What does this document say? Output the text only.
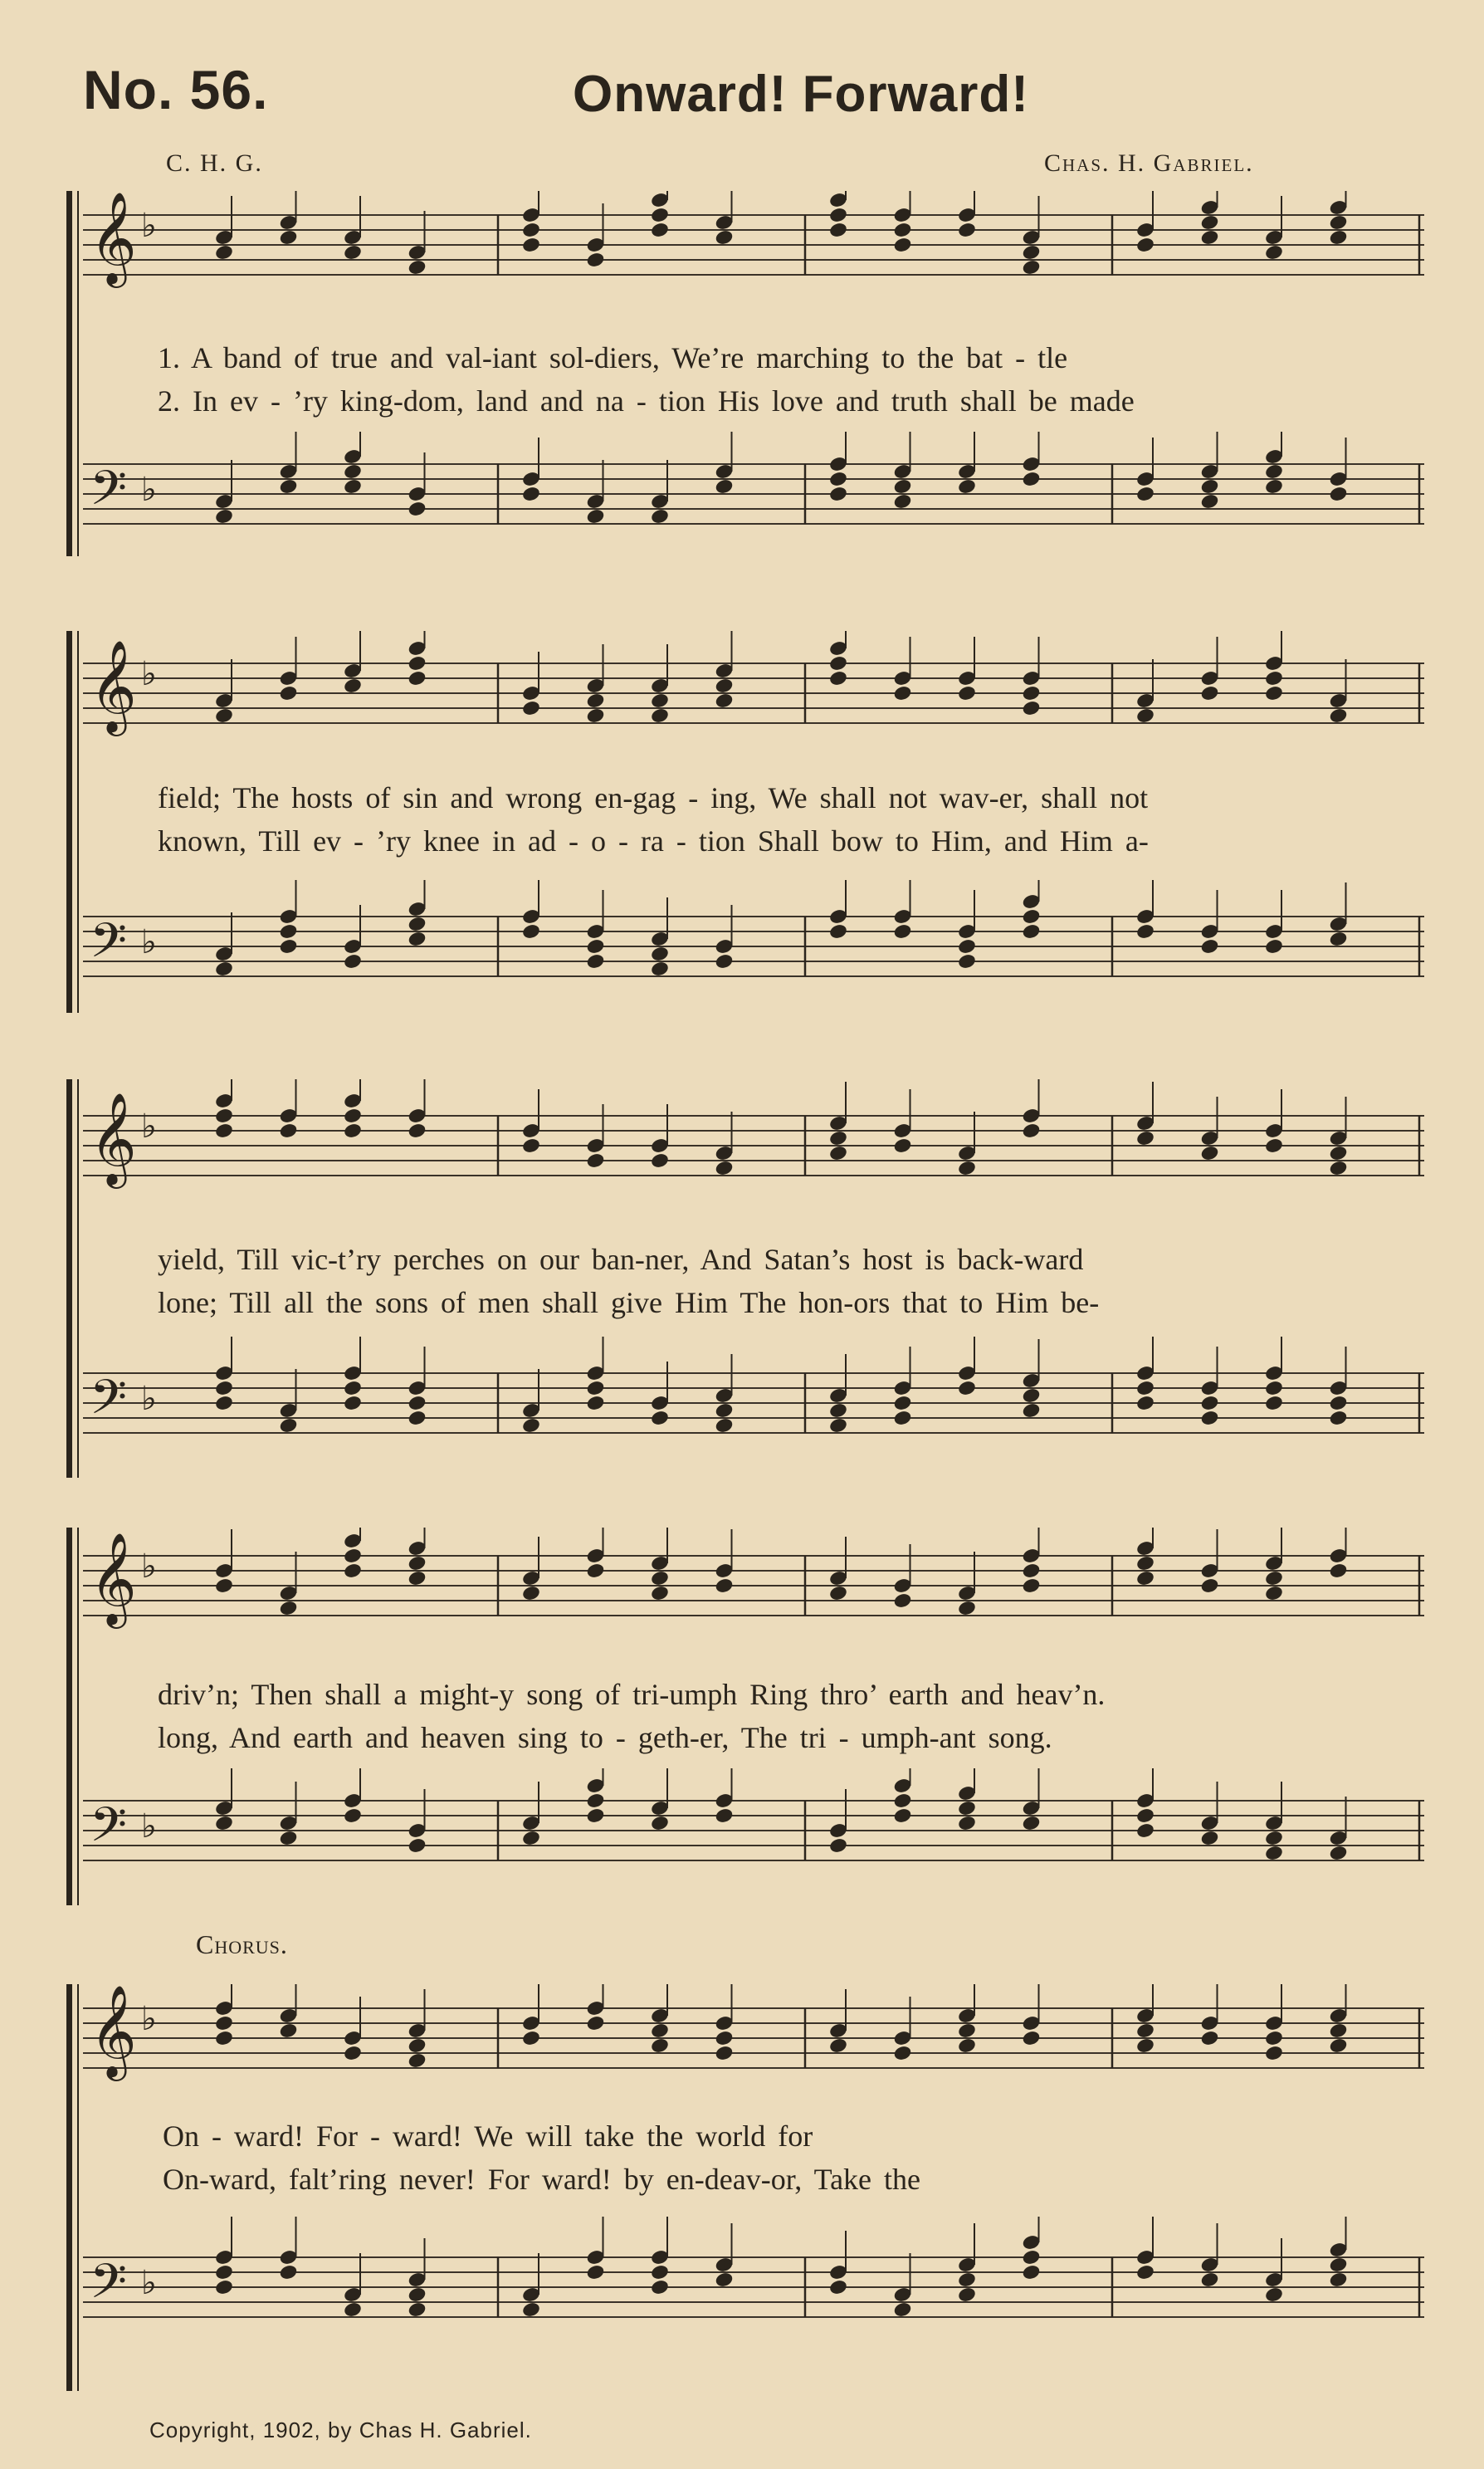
No. 56.	Onward! Forward!
C. H. G.	Chas. H. Gabriel.
𝄞 ♭
1. A band of true and val-iant sol-diers, We’re marching to the bat - tle
2. In ev - ’ry king-dom, land and na - tion His love and truth shall be made
𝄢 ♭
𝄞 ♭
field; The hosts of sin and wrong en-gag - ing, We shall not wav-er, shall not
known, Till ev - ’ry knee in ad - o - ra - tion Shall bow to Him, and Him a-
𝄢 ♭
𝄞 ♭
yield, Till vic-t’ry perches on our ban-ner, And Satan’s host is back-ward
lone; Till all the sons of men shall give Him The hon-ors that to Him be-
𝄢 ♭
𝄞 ♭
driv’n; Then shall a might-y song of tri-umph Ring thro’ earth and heav’n.
long, And earth and heaven sing to - geth-er, The tri - umph-ant song.
𝄢 ♭
Chorus.
𝄞 ♭
On - ward! For - ward! We will take the world for
On-ward, falt’ring never! For ward! by en-deav-or, Take the
𝄢 ♭
Copyright, 1902, by Chas H. Gabriel.
